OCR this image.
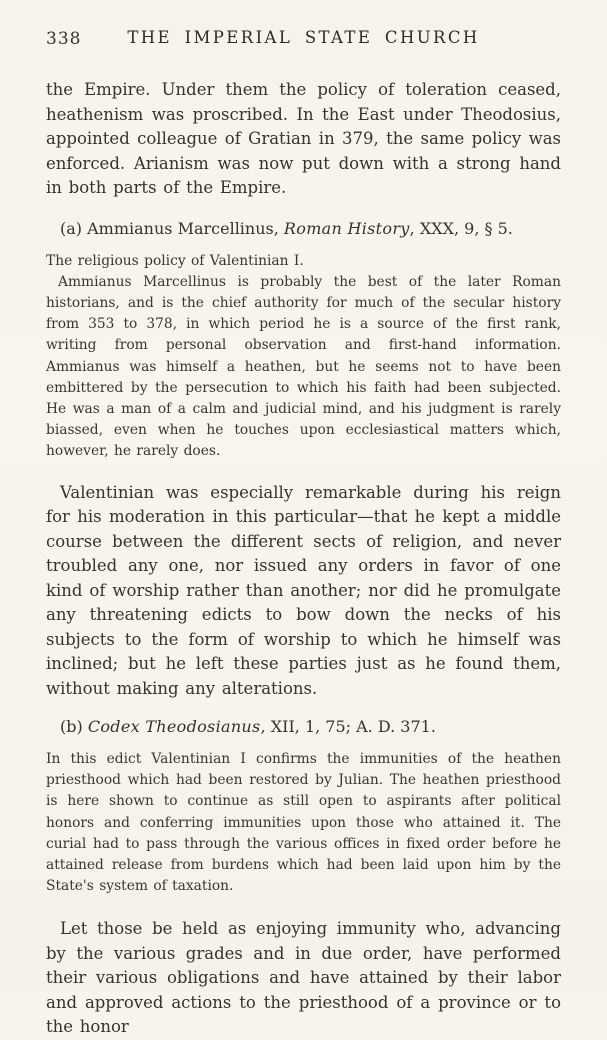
338	THE IMPERIAL STATE CHURCH

the Empire. Under them the policy of toleration ceased, heathenism was proscribed. In the East under Theodosius, appointed colleague of Gratian in 379, the same policy was enforced. Arianism was now put down with a strong hand in both parts of the Empire.

(a) Ammianus Marcellinus, Roman History, XXX, 9, § 5.

The religious policy of Valentinian I.

Ammianus Marcellinus is probably the best of the later Roman historians, and is the chief authority for much of the secular history from 353 to 378, in which period he is a source of the first rank, writing from personal observation and first-hand information. Ammianus was himself a heathen, but he seems not to have been embittered by the persecution to which his faith had been subjected. He was a man of a calm and judicial mind, and his judgment is rarely biassed, even when he touches upon ecclesiastical matters which, however, he rarely does.

Valentinian was especially remarkable during his reign for his moderation in this particular—that he kept a middle course between the different sects of religion, and never troubled any one, nor issued any orders in favor of one kind of worship rather than another; nor did he promulgate any threatening edicts to bow down the necks of his subjects to the form of worship to which he himself was inclined; but he left these parties just as he found them, without making any alterations.

(b) Codex Theodosianus, XII, 1, 75; A. D. 371.

In this edict Valentinian I confirms the immunities of the heathen priesthood which had been restored by Julian. The heathen priesthood is here shown to continue as still open to aspirants after political honors and conferring immunities upon those who attained it. The curial had to pass through the various offices in fixed order before he attained release from burdens which had been laid upon him by the State's system of taxation.

Let those be held as enjoying immunity who, advancing by the various grades and in due order, have performed their various obligations and have attained by their labor and approved actions to the priesthood of a province or to the honor
